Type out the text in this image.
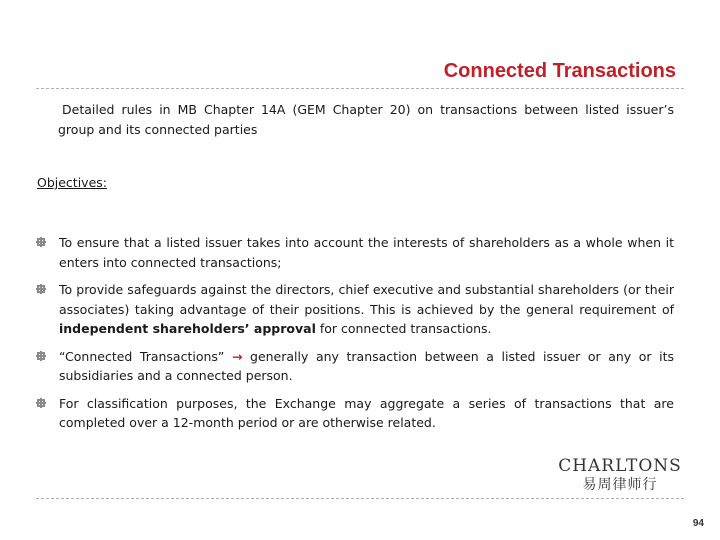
Connected Transactions
Detailed rules in MB Chapter 14A (GEM Chapter 20) on transactions between listed issuer’s group and its connected parties
Objectives:
To ensure that a listed issuer takes into account the interests of shareholders as a whole when it enters into connected transactions;
To provide safeguards against the directors, chief executive and substantial shareholders (or their associates) taking advantage of their positions. This is achieved by the general requirement of independent shareholders’ approval for connected transactions.
“Connected Transactions” → generally any transaction between a listed issuer or any or its subsidiaries and a connected person.
For classification purposes, the Exchange may aggregate a series of transactions that are completed over a 12-month period or are otherwise related.
CHARLTONS
易周律师行
94
